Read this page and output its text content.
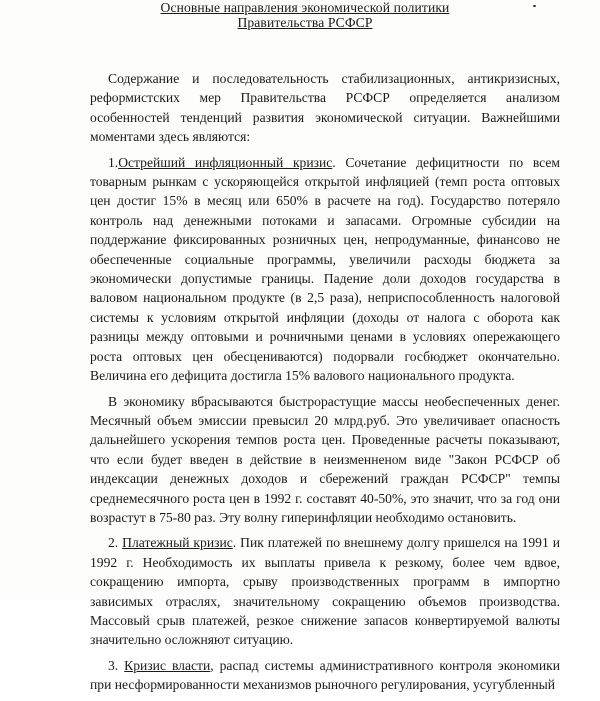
Основные направления экономической политики
Правительства РСФСР

Содержание и последовательность стабилизационных, антикризисных, реформистских мер Правительства РСФСР определяется анализом особенностей тенденций развития экономической ситуации. Важнейшими моментами здесь являются:

1.Острейший инфляционный кризис. Сочетание дефицитности по всем товарным рынкам с ускоряющейся открытой инфляцией (темп роста оптовых цен достиг 15% в месяц или 650% в расчете на год). Государство потеряло контроль над денежными потоками и запасами. Огромные субсидии на поддержание фиксированных розничных цен, непродуманные, финансово не обеспеченные социальные программы, увеличили расходы бюджета за экономически допустимые границы. Падение доли доходов государства в валовом национальном продукте (в 2,5 раза), неприспособленность налоговой системы к условиям открытой инфляции (доходы от налога с оборота как разницы между оптовыми и рочничными ценами в условиях опережающего роста оптовых цен обесцениваются) подорвали госбюджет окончательно. Величина его дефицита достигла 15% валового национального продукта.

В экономику вбрасываются быстрорастущие массы необеспеченных денег. Месячный объем эмиссии превысил 20 млрд.руб. Это увеличивает опасность дальнейшего ускорения темпов роста цен. Проведенные расчеты показывают, что если будет введен в действие в неизменненом виде "Закон РСФСР об индексации денежных доходов и сбережений граждан РСФСР" темпы среднемесячного роста цен в 1992 г. составят 40-50%, это значит, что за год они возрастут в 75-80 раз. Эту волну гиперинфляции необходимо остановить.

2. Платежный кризис. Пик платежей по внешнему долгу пришелся на 1991 и 1992 г. Необходимость их выплаты привела к резкому, более чем вдвое, сокращению импорта, срыву производственных программ в импортно зависимых отраслях, значительному сокращению объемов производства. Массовый срыв платежей, резкое снижение запасов конвертируемой валюты значительно осложняют ситуацию.

3. Кризис власти, распад системы административного контроля экономики при несформированности механизмов рыночного регулирования, усугубленный
